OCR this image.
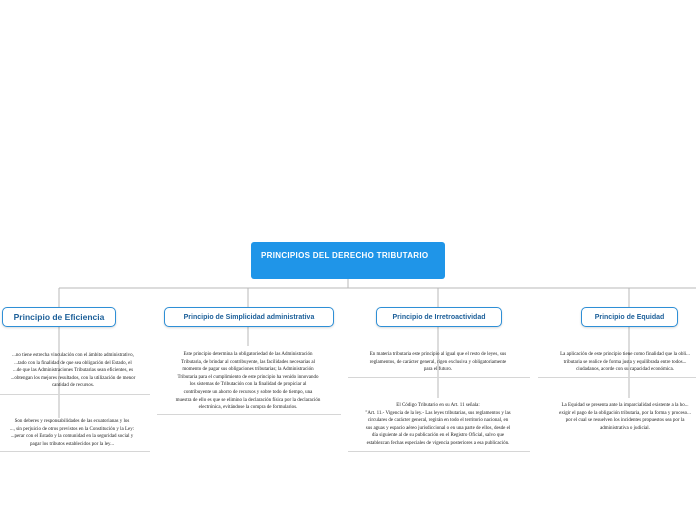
PRINCIPIOS DEL DERECHO TRIBUTARIO
Principio de Eficiencia	Principio de Simplicidad administrativa	Principio de Irretroactividad	Principio de Equidad
...no tiene estrecha vinculación con el ámbito administrativo,
...tado con la finalidad de que sea obligación del Estado, el
...de que las Administraciones Tributarias sean eficientes, es
...obtengan los mejores resultados, con la utilización de menor
cantidad de recursos.
Son deberes y responsabilidades de las ecuatorianas y los
..., sin perjuicio de otros previstos en la Constitución y la Ley:
...perar con el Estado y la comunidad en la seguridad social y
pagar los tributos establecidos por la ley...
Este principio determina la obligatoriedad de las Administración
Tributaria, de brindar al contribuyente, las facilidades necesarias al
momento de pagar sus obligaciones tributarias; la Administración
Tributaria para el cumplimiento de este principio ha venido innovando
los sistemas de Tributación con la finalidad de propiciar al
contribuyente un ahorro de recursos y sobre todo de tiempo, una
muestra de ello es que se elimino la declaración física por la declaración
electrónica, evitándose la compra de formularios.
En materia tributaria este principio al igual que el resto de leyes, sus
reglamentos, de carácter general, rigen exclusiva y obligatoriamente
para el futuro.
El Código Tributario en su Art. 11 señala:
"Art. 11.- Vigencia de la ley.- Las leyes tributarias, sus reglamentos y las
circulares de carácter general, regirán en todo el territorio nacional, en
sus aguas y espacio aéreo jurisdiccional o en una parte de ellos, desde el
día siguiente al de su publicación en el Registro Oficial, salvo que
establezcan fechas especiales de vigencia posteriores a esa publicación.
La aplicación de este principio tiene como finalidad que la obli...
tributaria se realice de forma justa y equilibrada entre todos...
ciudadanos, acorde con su capacidad económica.
La Equidad se presenta ante la imparcialidad existente a la ho...
exigir el pago de la obligación tributaria, por la forma y proceso...
por el cual se resuelven los incidentes propuestos sea por la
administrativa o judicial.
